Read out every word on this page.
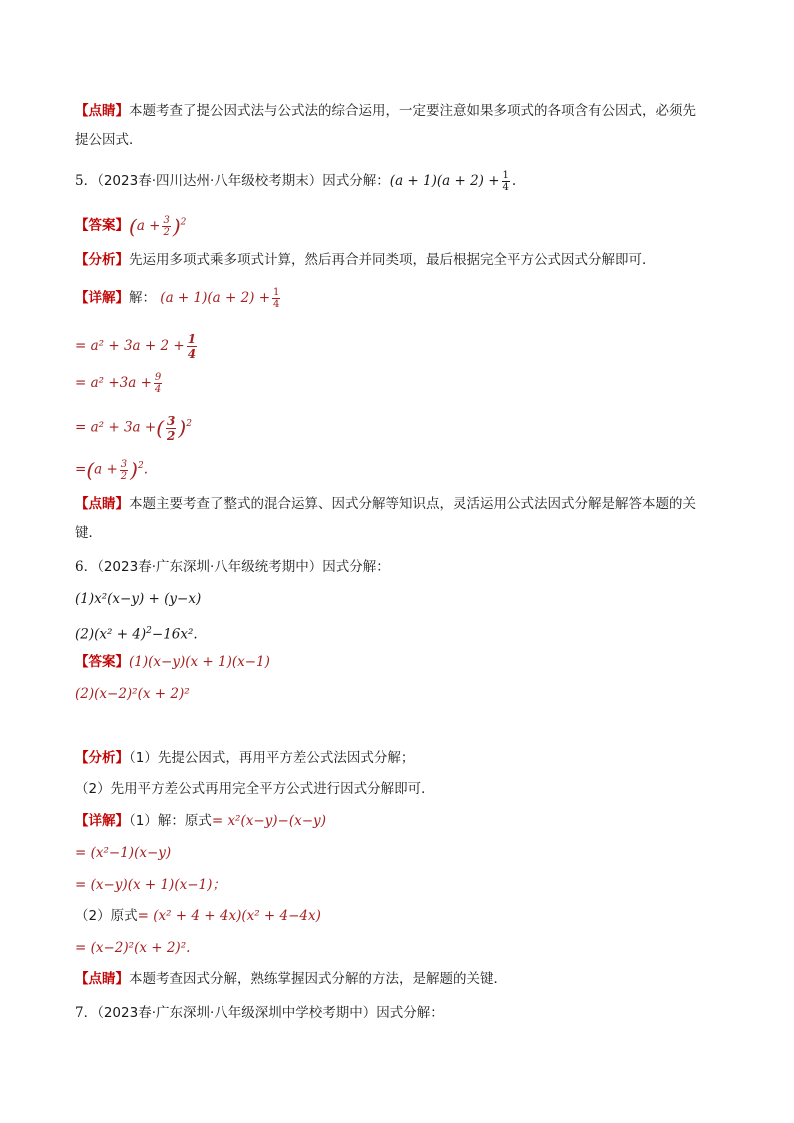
【点睛】本题考查了提公因式法与公式法的综合运用，一定要注意如果多项式的各项含有公因式，必须先
提公因式．
5．（2023春·四川达州·八年级校考期末）因式分解：$(a + 1)(a + 2) + \frac{1}{4}$ .
【答案】$(a + \frac{3}{2} )^2$
【分析】先运用多项式乘多项式计算，然后再合并同类项，最后根据完全平方公式因式分解即可．
【详解】解： $(a + 1)(a + 2) + \frac{1}{4}$
= $a^2 + 3a + 2 + \frac{1}{4}$
= $a^2 +3a + \frac{9}{4}$
= a² + 3a +( $\frac{3}{2} )^2$
$=(a + \frac{3}{2} )^2$.
【点睛】本题主要考查了整式的混合运算、因式分解等知识点，灵活运用公式法因式分解是解答本题的关
键．
6．（2023春·广东深圳·八年级统考期中）因式分解：
(1)x²(x−y) + (y−x)
$(2)(x^2 + 4)^2-16x^2$.
【答案】(1)(x−y)(x + 1)(x−1)
(2)(x−2)²(x + 2)²
【分析】（1）先提公因式，再用平方差公式法因式分解；
（2）先用平方差公式再用完全平方公式进行因式分解即可．
【详解】（1）解：原式= x²(x−y)−(x−y)
= (x²−1)(x−y)
= (x−y)(x + 1)(x−1)；
（2）原式= (x² + 4 + 4x)(x² + 4−4x)
= (x−2)²(x + 2)².
【点睛】本题考查因式分解，熟练掌握因式分解的方法，是解题的关键．
7．（2023春·广东深圳·八年级深圳中学校考期中）因式分解：
